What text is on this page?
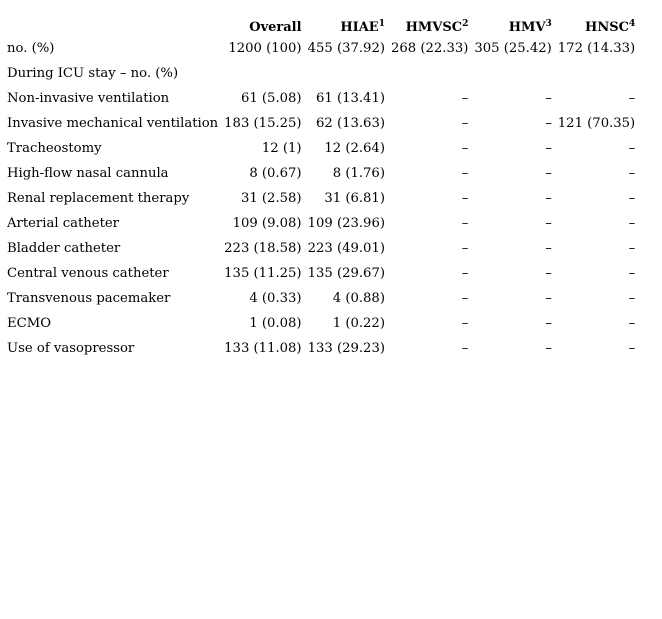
	Overall	HIAE$^1$	HMVSC$^2$	HMV$^3$	HNSC$^4$
no. (%)	1200 (100)	455 (37.92)	268 (22.33)	305 (25.42)	172 (14.33)
During ICU stay – no. (%)					
Non-invasive ventilation	61 (5.08)	61 (13.41)	–	–	–
Invasive mechanical ventilation	183 (15.25)	62 (13.63)	–	–	121 (70.35)
Tracheostomy	12 (1)	12 (2.64)	–	–	–
High-flow nasal cannula	8 (0.67)	8 (1.76)	–	–	–
Renal replacement therapy	31 (2.58)	31 (6.81)	–	–	–
Arterial catheter	109 (9.08)	109 (23.96)	–	–	–
Bladder catheter	223 (18.58)	223 (49.01)	–	–	–
Central venous catheter	135 (11.25)	135 (29.67)	–	–	–
Transvenous pacemaker	4 (0.33)	4 (0.88)	–	–	–
ECMO	1 (0.08)	1 (0.22)	–	–	–
Use of vasopressor	133 (11.08)	133 (29.23)	–	–	–
